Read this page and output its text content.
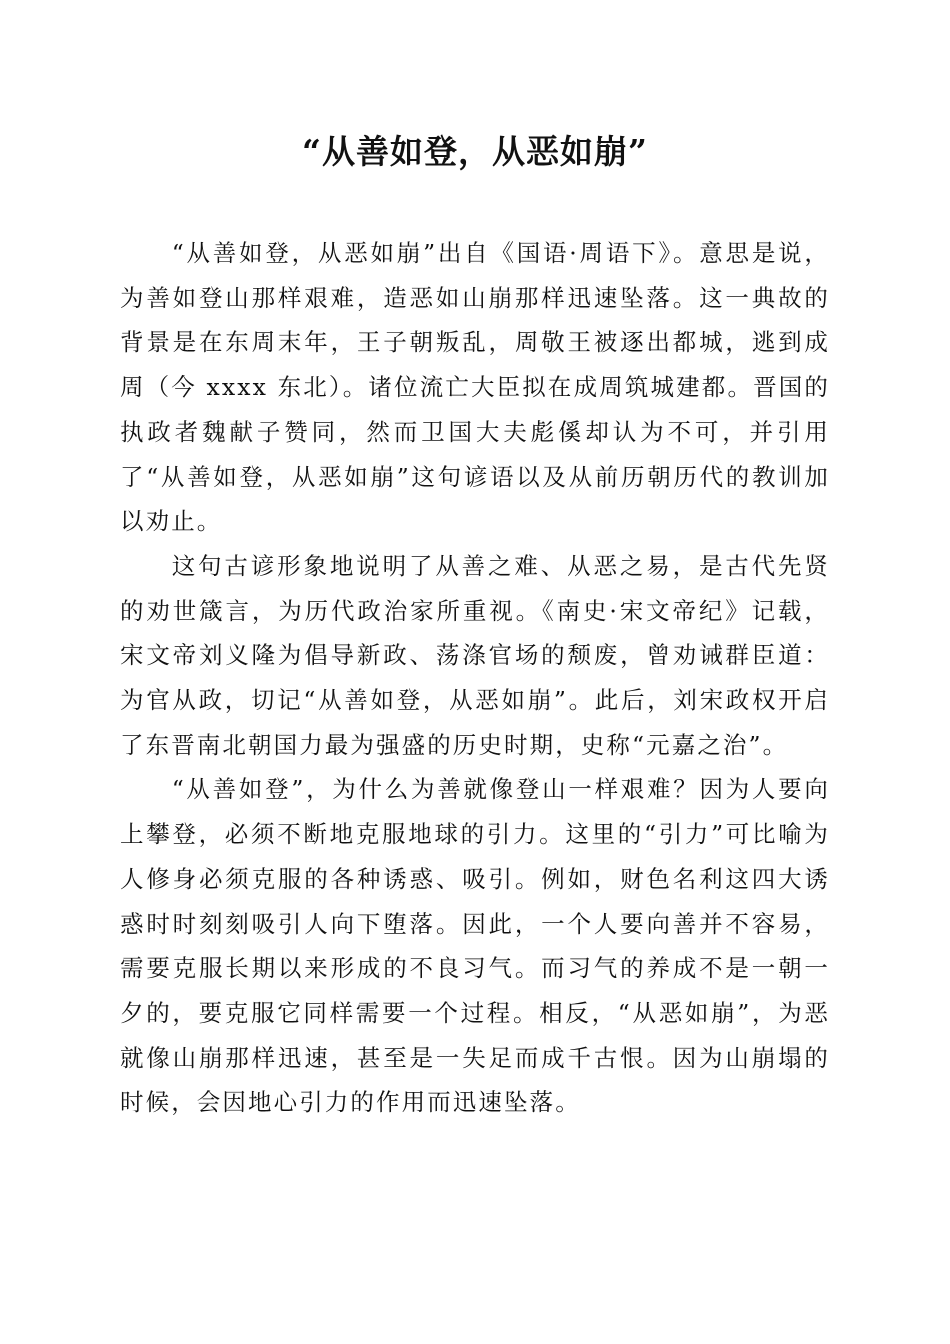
“从善如登，从恶如崩”

“从善如登，从恶如崩”出自《国语·周语下》。意思是说，为善如登山那样艰难，造恶如山崩那样迅速坠落。这一典故的背景是在东周末年，王子朝叛乱，周敬王被逐出都城，逃到成周（今 xxxx 东北）。诸位流亡大臣拟在成周筑城建都。晋国的执政者魏献子赞同，然而卫国大夫彪傒却认为不可，并引用了“从善如登，从恶如崩”这句谚语以及从前历朝历代的教训加以劝止。

这句古谚形象地说明了从善之难、从恶之易，是古代先贤的劝世箴言，为历代政治家所重视。《南史·宋文帝纪》记载，宋文帝刘义隆为倡导新政、荡涤官场的颓废，曾劝诫群臣道：为官从政，切记“从善如登，从恶如崩”。此后，刘宋政权开启了东晋南北朝国力最为强盛的历史时期，史称“元嘉之治”。

“从善如登”，为什么为善就像登山一样艰难？因为人要向上攀登，必须不断地克服地球的引力。这里的“引力”可比喻为人修身必须克服的各种诱惑、吸引。例如，财色名利这四大诱惑时时刻刻吸引人向下堕落。因此，一个人要向善并不容易，需要克服长期以来形成的不良习气。而习气的养成不是一朝一夕的，要克服它同样需要一个过程。相反，“从恶如崩”，为恶就像山崩那样迅速，甚至是一失足而成千古恨。因为山崩塌的时候，会因地心引力的作用而迅速坠落。
